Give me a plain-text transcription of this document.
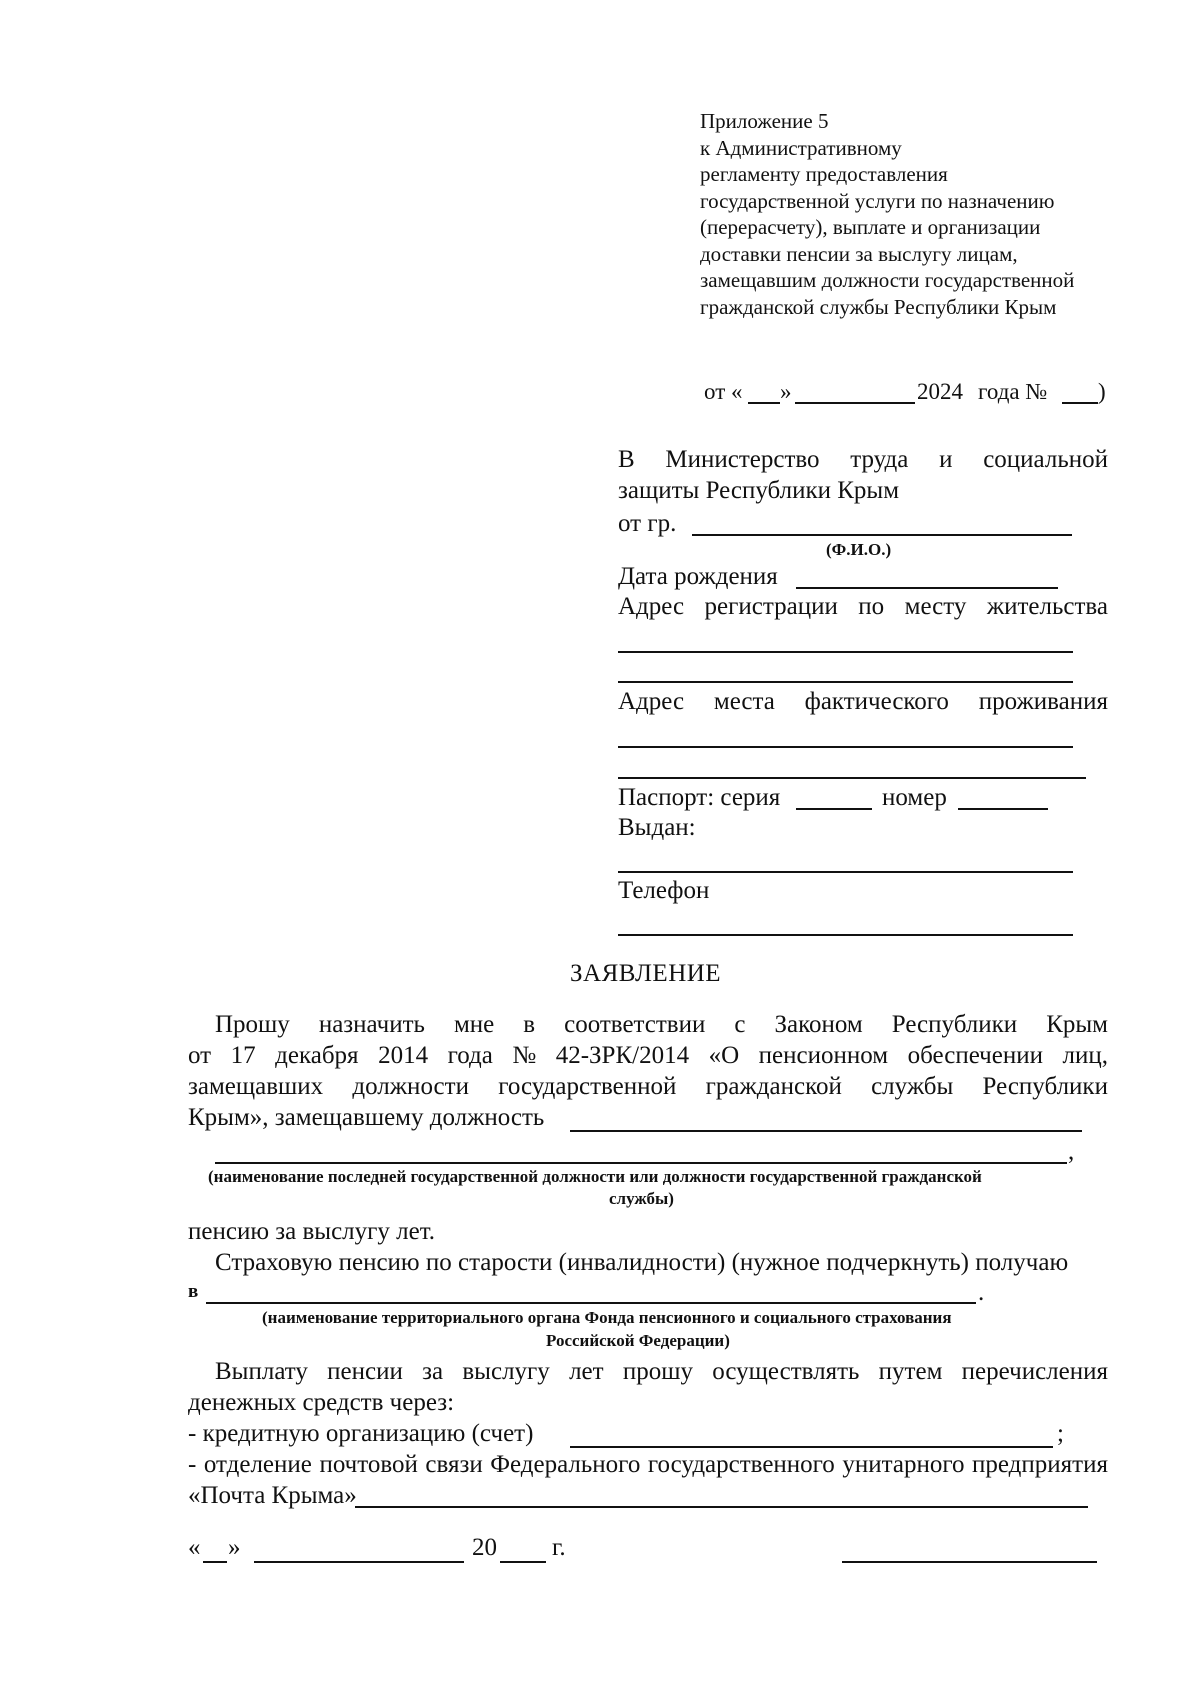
Приложение 5
к Административному
регламенту предоставления
государственной услуги по назначению
(перерасчету), выплате и организации
доставки пенсии за выслугу лицам,
замещавшим должности государственной
гражданской службы Республики Крым
от « »	2024 года № )
В Министерство труда и социальной
защиты Республики Крым
от гр.
(Ф.И.О.)
Дата рождения
Адрес регистрации по месту жительства
Адрес места фактического проживания
Паспорт: серия	номер
Выдан:
Телефон
ЗАЯВЛЕНИЕ
Прошу назначить мне в соответствии с Законом Республики Крым
от 17 декабря 2014 года № 42-ЗРК/2014 «О пенсионном обеспечении лиц,
замещавших должности государственной гражданской службы Республики
Крым», замещавшему должность
,
(наименование последней государственной должности или должности государственной гражданской
службы)
пенсию за выслугу лет.
Страховую пенсию по старости (инвалидности) (нужное подчеркнуть) получаю
в	.
(наименование территориального органа Фонда пенсионного и социального страхования
Российской Федерации)
Выплату пенсии за выслугу лет прошу осуществлять путем перечисления
денежных средств через:
- кредитную организацию (счет)	;
- отделение почтовой связи Федерального государственного унитарного предприятия
«Почта Крыма»
« »	20 г.
